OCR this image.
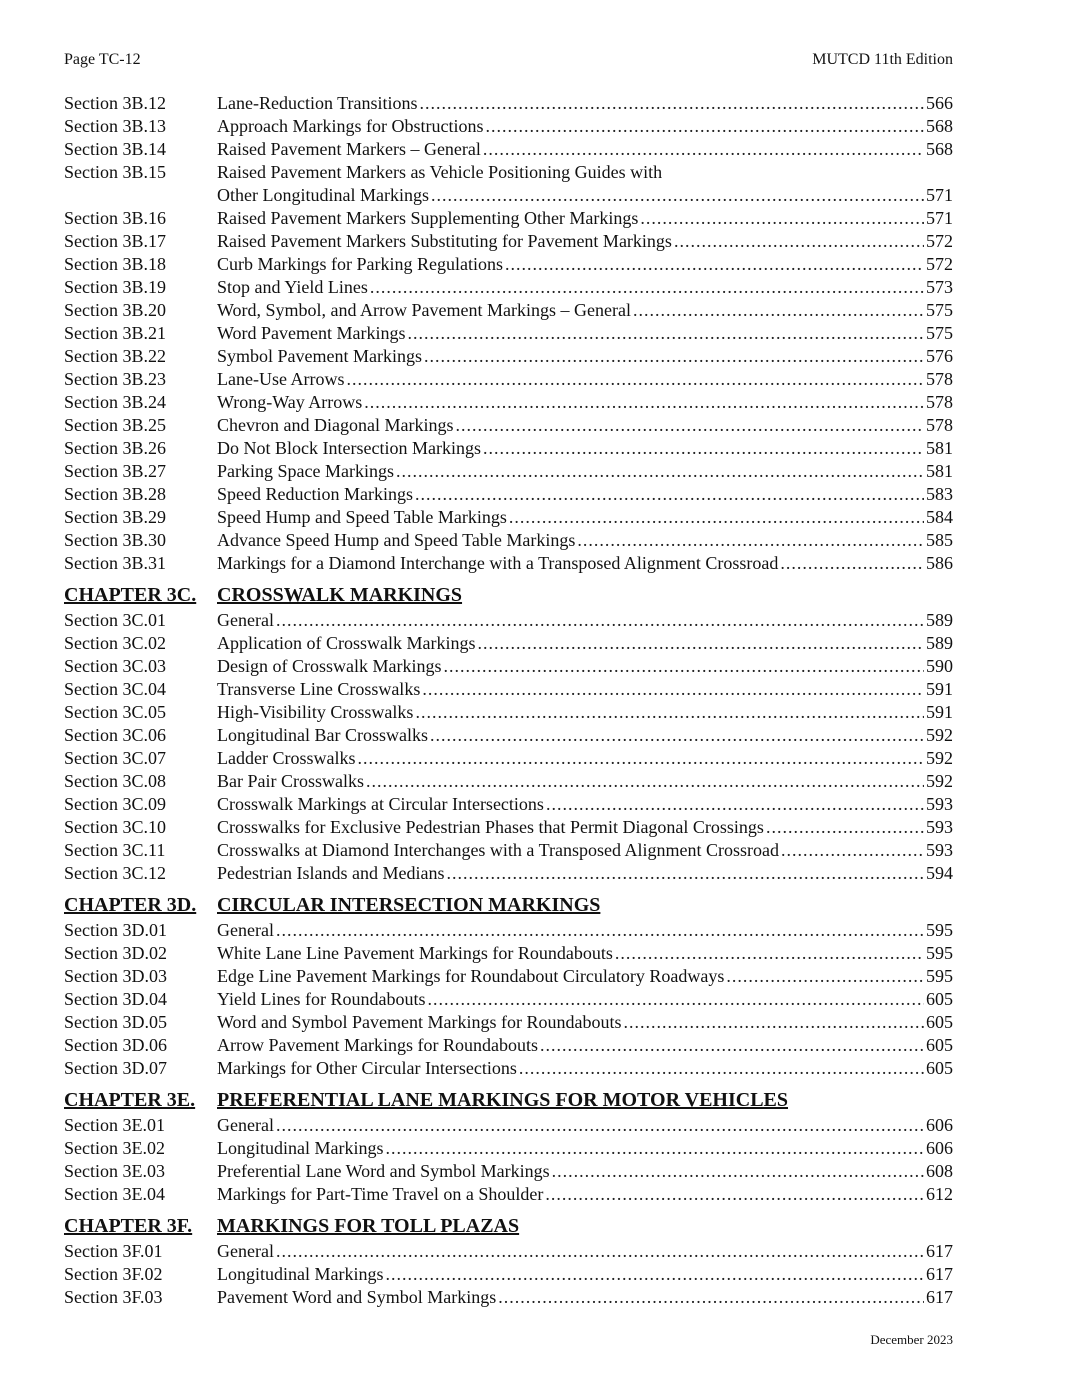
Page TC-12	MUTCD 11th Edition
Section 3B.12	Lane-Reduction Transitions .....	566
Section 3B.13	Approach Markings for Obstructions .....	568
Section 3B.14	Raised Pavement Markers – General .....	568
Section 3B.15	Raised Pavement Markers as Vehicle Positioning Guides with
Other Longitudinal Markings .....	571
Section 3B.16	Raised Pavement Markers Supplementing Other Markings .....	571
Section 3B.17	Raised Pavement Markers Substituting for Pavement Markings .....	572
Section 3B.18	Curb Markings for Parking Regulations .....	572
Section 3B.19	Stop and Yield Lines .....	573
Section 3B.20	Word, Symbol, and Arrow Pavement Markings – General .....	575
Section 3B.21	Word Pavement Markings .....	575
Section 3B.22	Symbol Pavement Markings .....	576
Section 3B.23	Lane-Use Arrows .....	578
Section 3B.24	Wrong-Way Arrows .....	578
Section 3B.25	Chevron and Diagonal Markings .....	578
Section 3B.26	Do Not Block Intersection Markings .....	581
Section 3B.27	Parking Space Markings .....	581
Section 3B.28	Speed Reduction Markings .....	583
Section 3B.29	Speed Hump and Speed Table Markings .....	584
Section 3B.30	Advance Speed Hump and Speed Table Markings .....	585
Section 3B.31	Markings for a Diamond Interchange with a Transposed Alignment Crossroad .....	586
CHAPTER 3C.	CROSSWALK MARKINGS
Section 3C.01	General .....	589
Section 3C.02	Application of Crosswalk Markings .....	589
Section 3C.03	Design of Crosswalk Markings .....	590
Section 3C.04	Transverse Line Crosswalks .....	591
Section 3C.05	High-Visibility Crosswalks .....	591
Section 3C.06	Longitudinal Bar Crosswalks .....	592
Section 3C.07	Ladder Crosswalks .....	592
Section 3C.08	Bar Pair Crosswalks .....	592
Section 3C.09	Crosswalk Markings at Circular Intersections .....	593
Section 3C.10	Crosswalks for Exclusive Pedestrian Phases that Permit Diagonal Crossings .....	593
Section 3C.11	Crosswalks at Diamond Interchanges with a Transposed Alignment Crossroad .....	593
Section 3C.12	Pedestrian Islands and Medians .....	594
CHAPTER 3D.	CIRCULAR INTERSECTION MARKINGS
Section 3D.01	General .....	595
Section 3D.02	White Lane Line Pavement Markings for Roundabouts .....	595
Section 3D.03	Edge Line Pavement Markings for Roundabout Circulatory Roadways .....	595
Section 3D.04	Yield Lines for Roundabouts .....	605
Section 3D.05	Word and Symbol Pavement Markings for Roundabouts .....	605
Section 3D.06	Arrow Pavement Markings for Roundabouts .....	605
Section 3D.07	Markings for Other Circular Intersections .....	605
CHAPTER 3E.	PREFERENTIAL LANE MARKINGS FOR MOTOR VEHICLES
Section 3E.01	General .....	606
Section 3E.02	Longitudinal Markings .....	606
Section 3E.03	Preferential Lane Word and Symbol Markings .....	608
Section 3E.04	Markings for Part-Time Travel on a Shoulder .....	612
CHAPTER 3F.	MARKINGS FOR TOLL PLAZAS
Section 3F.01	General .....	617
Section 3F.02	Longitudinal Markings .....	617
Section 3F.03	Pavement Word and Symbol Markings .....	617
December 2023
